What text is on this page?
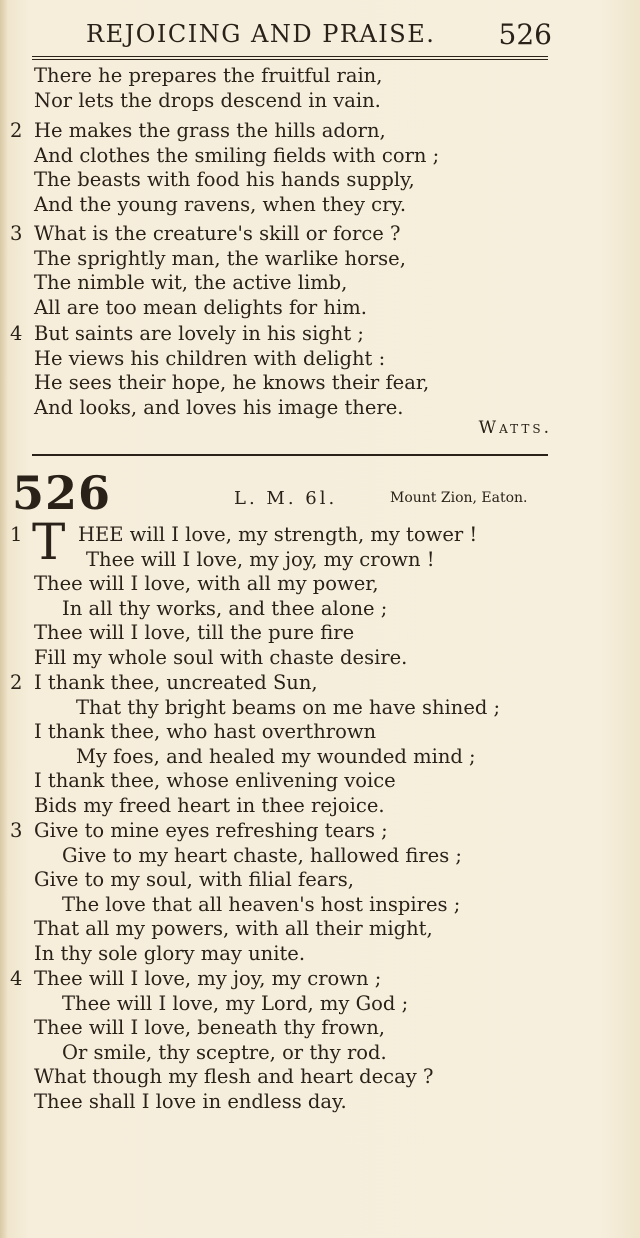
REJOICING AND PRAISE. 526
There he prepares the fruitful rain,
Nor lets the drops descend in vain.
2 He makes the grass the hills adorn,
And clothes the smiling fields with corn ;
The beasts with food his hands supply,
And the young ravens, when they cry.
3 What is the creature's skill or force ?
The sprightly man, the warlike horse,
The nimble wit, the active limb,
All are too mean delights for him.
4 But saints are lovely in his sight ;
He views his children with delight :
He sees their hope, he knows their fear,
And looks, and loves his image there.
Watts.
526	L. M. 6l.	Mount Zion, Eaton.
1 T HEE will I love, my strength, my tower !
Thee will I love, my joy, my crown !
Thee will I love, with all my power,
In all thy works, and thee alone ;
Thee will I love, till the pure fire
Fill my whole soul with chaste desire.
2 I thank thee, uncreated Sun,
That thy bright beams on me have shined ;
I thank thee, who hast overthrown
My foes, and healed my wounded mind ;
I thank thee, whose enlivening voice
Bids my freed heart in thee rejoice.
3 Give to mine eyes refreshing tears ;
Give to my heart chaste, hallowed fires ;
Give to my soul, with filial fears,
The love that all heaven's host inspires ;
That all my powers, with all their might,
In thy sole glory may unite.
4 Thee will I love, my joy, my crown ;
Thee will I love, my Lord, my God ;
Thee will I love, beneath thy frown,
Or smile, thy sceptre, or thy rod.
What though my flesh and heart decay ?
Thee shall I love in endless day.
